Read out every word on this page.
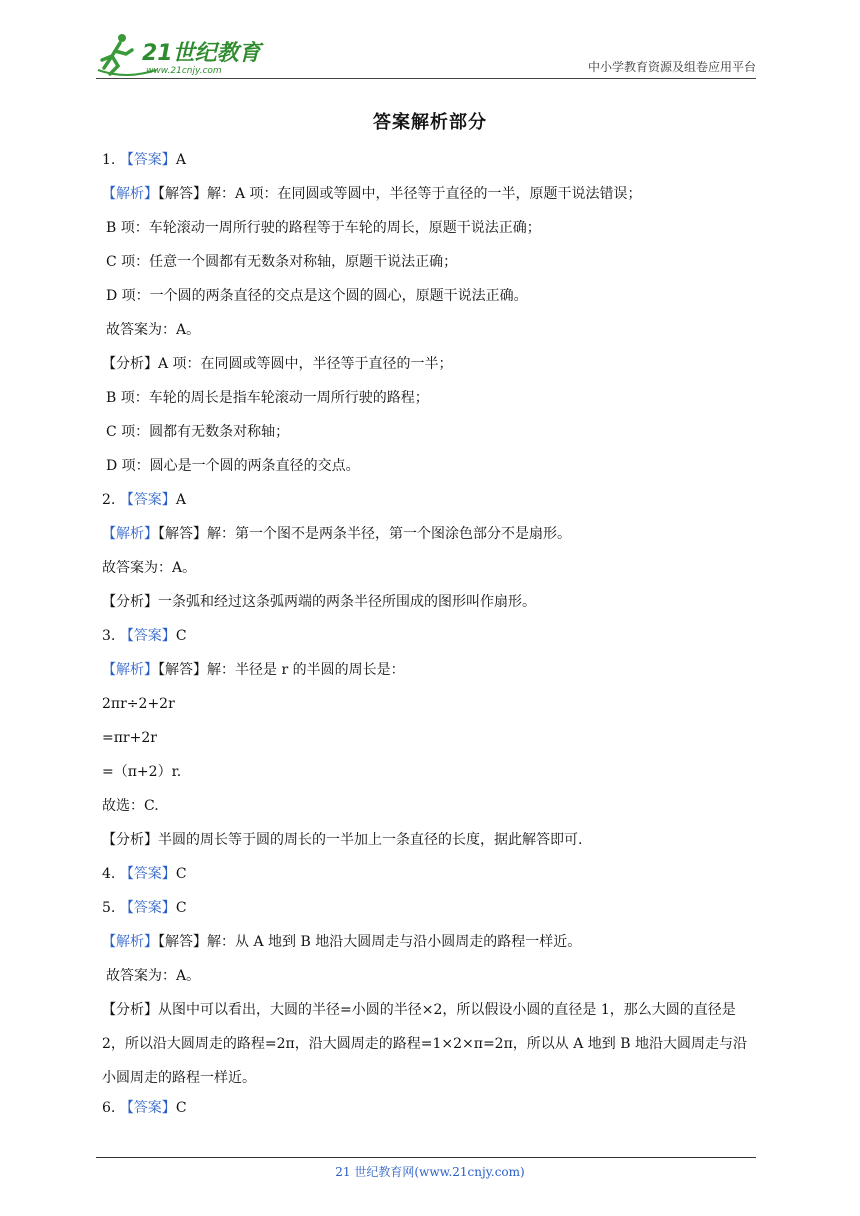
21世纪教育
www.21cnjy.com	中小学教育资源及组卷应用平台
答案解析部分
1. 【答案】A
【解析】【解答】解：A 项：在同圆或等圆中，半径等于直径的一半，原题干说法错误；
B 项：车轮滚动一周所行驶的路程等于车轮的周长，原题干说法正确；
C 项：任意一个圆都有无数条对称轴，原题干说法正确；
D 项：一个圆的两条直径的交点是这个圆的圆心，原题干说法正确。
故答案为：A。
【分析】A 项：在同圆或等圆中，半径等于直径的一半；
B 项：车轮的周长是指车轮滚动一周所行驶的路程；
C 项：圆都有无数条对称轴；
D 项：圆心是一个圆的两条直径的交点。
2. 【答案】A
【解析】【解答】解：第一个图不是两条半径，第一个图涂色部分不是扇形。
故答案为：A。
【分析】一条弧和经过这条弧两端的两条半径所围成的图形叫作扇形。
3. 【答案】C
【解析】【解答】解：半径是 r 的半圆的周长是：
2πr÷2+2r
=πr+2r
=（π+2）r.
故选：C.
【分析】半圆的周长等于圆的周长的一半加上一条直径的长度，据此解答即可.
4. 【答案】C
5. 【答案】C
【解析】【解答】解：从 A 地到 B 地沿大圆周走与沿小圆周走的路程一样近。
故答案为：A。
【分析】从图中可以看出，大圆的半径=小圆的半径×2，所以假设小圆的直径是 1，那么大圆的直径是 2，所以沿大圆周走的路程=2π，沿大圆周走的路程=1×2×π=2π，所以从 A 地到 B 地沿大圆周走与沿小圆周走的路程一样近。
6. 【答案】C
21 世纪教育网(www.21cnjy.com)
